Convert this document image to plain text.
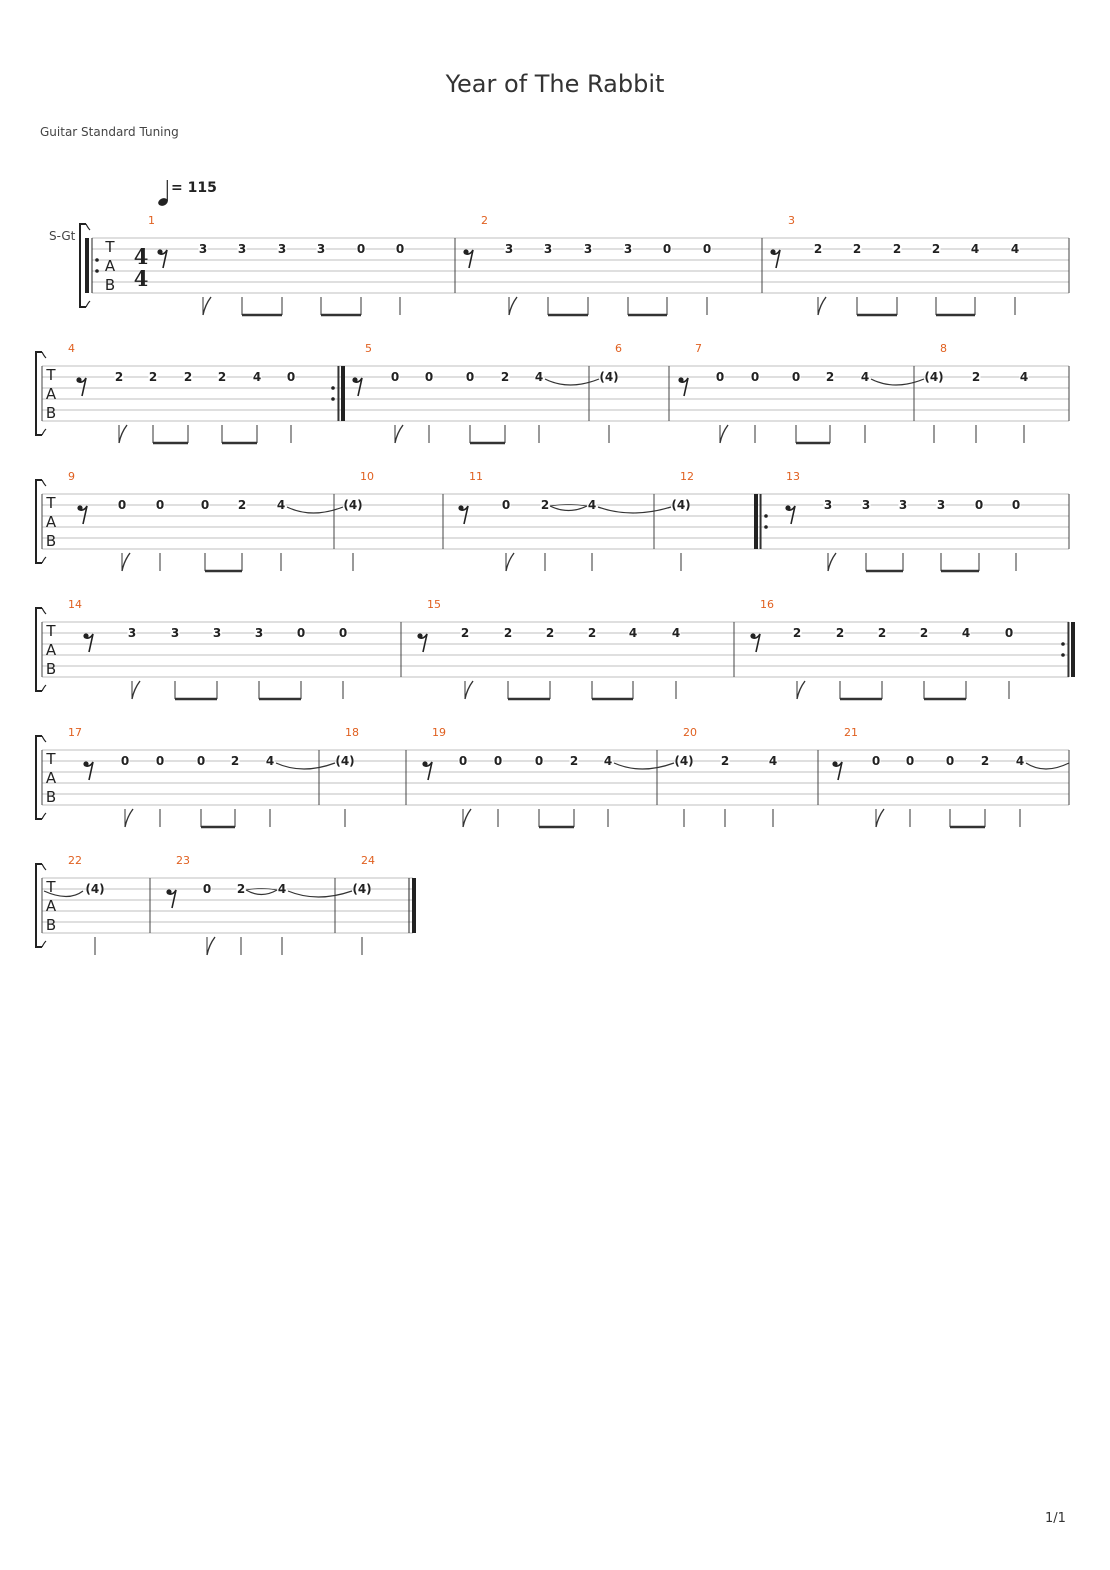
Year of The Rabbit
Guitar Standard Tuning
= 115
S-Gt
T
A
B
1
4
4
3	3	3	3	0	0
2
3	3	3	3	0	0
3
2	2	2	2	4	4
T
A
B
4
2 2 2 2 4 0
5
0 0	0 2 4
6
(4)
7
0 0	0 2 4
8
(4) 2	4
T
A
B
9
0 0	0 2	4
10
(4)
11
0	2	4
12
(4)
13
3 3 3 3 0 0
T
A
B
14
3	3	3	3	0	0
15
2	2	2	2	4	4
16
2	2	2	2	4	0
T
A
B
17
0 0	0 2 4
18
(4)
19
0 0	0 2 4
20
(4) 2	4
21
0 0	0 2 4
T
A
B
22
(4)
23
0 2	4
24
(4)
1/1
